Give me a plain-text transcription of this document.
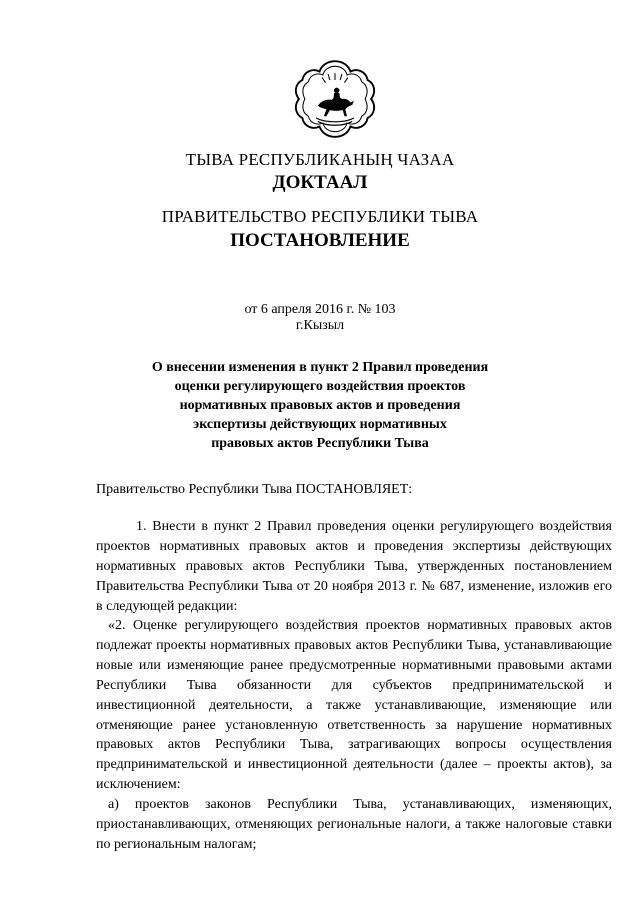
ТЫВА РЕСПУБЛИКАНЫҢ ЧАЗАА
ДОКТААЛ
ПРАВИТЕЛЬСТВО РЕСПУБЛИКИ ТЫВА
ПОСТАНОВЛЕНИЕ
от 6 апреля 2016 г. № 103
г.Кызыл
О внесении изменения в пункт 2 Правил проведения
оценки регулирующего воздействия проектов
нормативных правовых актов и проведения
экспертизы действующих нормативных
правовых актов Республики Тыва
Правительство Республики Тыва ПОСТАНОВЛЯЕТ:
1. Внести в пункт 2 Правил проведения оценки регулирующего воздействия проектов нормативных правовых актов и проведения экспертизы действующих нормативных правовых актов Республики Тыва, утвержденных постановлением Правительства Республики Тыва от 20 ноября 2013 г. № 687, изменение, изложив его в следующей редакции:
«2. Оценке регулирующего воздействия проектов нормативных правовых актов подлежат проекты нормативных правовых актов Республики Тыва, устанавливающие новые или изменяющие ранее предусмотренные нормативными правовыми актами Республики Тыва обязанности для субъектов предпринимательской и инвестиционной деятельности, а также устанавливающие, изменяющие или отменяющие ранее установленную ответственность за нарушение нормативных правовых актов Республики Тыва, затрагивающих вопросы осуществления предпринимательской и инвестиционной деятельности (далее – проекты актов), за исключением:
а) проектов законов Республики Тыва, устанавливающих, изменяющих, приостанавливающих, отменяющих региональные налоги, а также налоговые ставки по региональным налогам;
